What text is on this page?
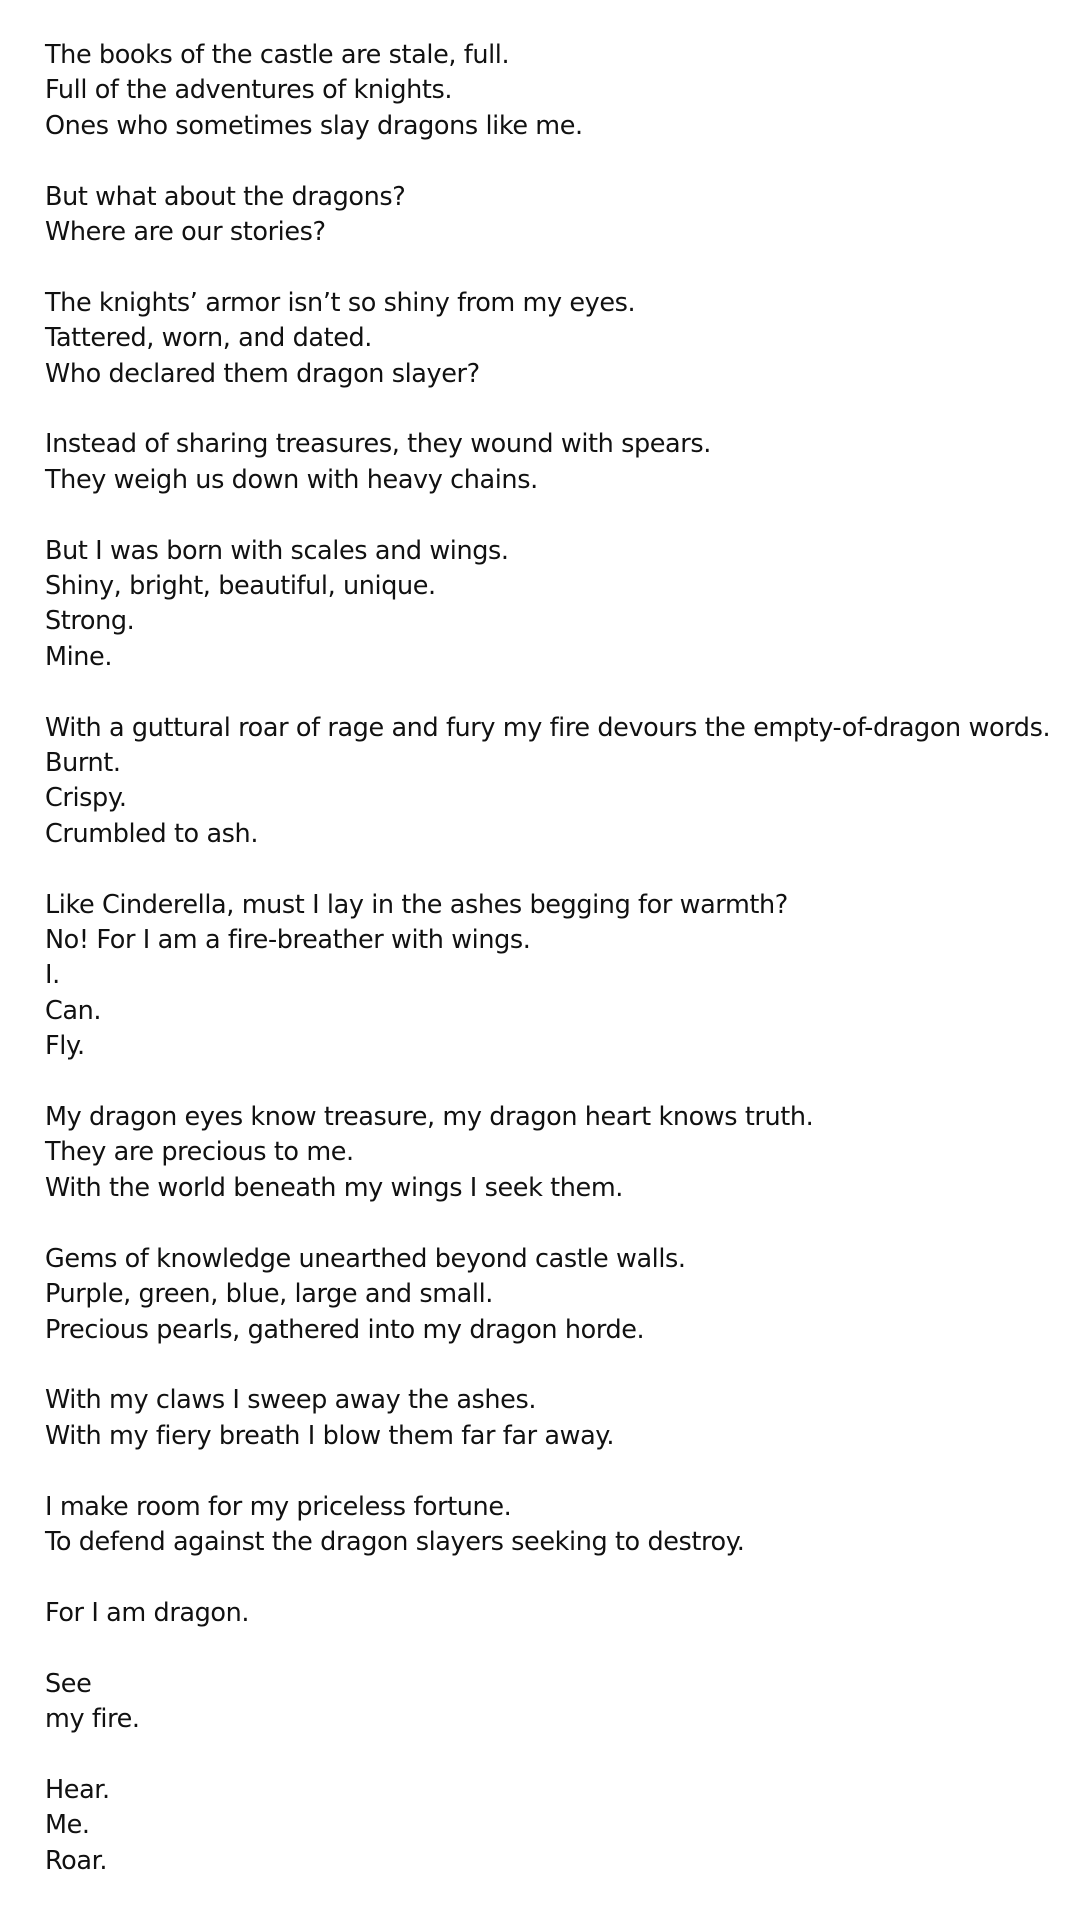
The books of the castle are stale, full.
Full of the adventures of knights.
Ones who sometimes slay dragons like me.
But what about the dragons?
Where are our stories?
The knights’ armor isn’t so shiny from my eyes.
Tattered, worn, and dated.
Who declared them dragon slayer?
Instead of sharing treasures, they wound with spears.
They weigh us down with heavy chains.
But I was born with scales and wings.
Shiny, bright, beautiful, unique.
Strong.
Mine.
With a guttural roar of rage and fury my fire devours the empty-of-dragon words.
Burnt.
Crispy.
Crumbled to ash.
Like Cinderella, must I lay in the ashes begging for warmth?
No! For I am a fire-breather with wings.
I.
Can.
Fly.
My dragon eyes know treasure, my dragon heart knows truth.
They are precious to me.
With the world beneath my wings I seek them.
Gems of knowledge unearthed beyond castle walls.
Purple, green, blue, large and small.
Precious pearls, gathered into my dragon horde.
With my claws I sweep away the ashes.
With my fiery breath I blow them far far away.
I make room for my priceless fortune.
To defend against the dragon slayers seeking to destroy.
For I am dragon.
See
my fire.
Hear.
Me.
Roar.
